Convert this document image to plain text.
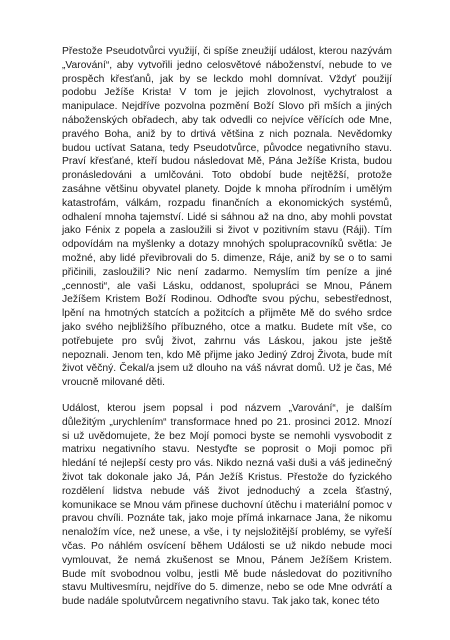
Přestože Pseudotvůrci využijí, či spíše zneužijí událost, kterou nazývám „Varování“, aby vytvořili jedno celosvětové náboženství, nebude to ve prospěch křesťanů, jak by se leckdo mohl domnívat. Vždyť použijí podobu Ježíše Krista! V tom je jejich zlovolnost, vychytralost a manipulace. Nejdříve pozvolna pozmění Boží Slovo při mších a jiných náboženských obřadech, aby tak odvedli co nejvíce věřících ode Mne, pravého Boha, aniž by to drtivá většina z nich poznala. Nevědomky budou uctívat Satana, tedy Pseudotvůrce, původce negativního stavu. Praví křesťané, kteří budou následovat Mě, Pána Ježíše Krista, budou pronásledováni a umlčováni. Toto období bude nejtěžší, protože zasáhne většinu obyvatel planety. Dojde k mnoha přírodním i umělým katastrofám, válkám, rozpadu finančních a ekonomických systémů, odhalení mnoha tajemství. Lidé si sáhnou až na dno, aby mohli povstat jako Fénix z popela a zasloužili si život v pozitivním stavu (Ráji). Tím odpovídám na myšlenky a dotazy mnohých spolupracovníků světla: Je možné, aby lidé převibrovali do 5. dimenze, Ráje, aniž by se o to sami přičinili, zasloužili? Nic není zadarmo. Nemyslím tím peníze a jiné „cennosti“, ale vaši Lásku, oddanost, spolupráci se Mnou, Pánem Ježíšem Kristem Boží Rodinou. Odhoďte svou pýchu, sebestřednost, lpění na hmotných statcích a požitcích a přijměte Mě do svého srdce jako svého nejbližšího příbuzného, otce a matku. Budete mít vše, co potřebujete pro svůj život, zahrnu vás Láskou, jakou jste ještě nepoznali. Jenom ten, kdo Mě přijme jako Jediný Zdroj Života, bude mít život věčný. Čekal/a jsem už dlouho na váš návrat domů. Už je čas, Mé vroucně milované děti.

Událost, kterou jsem popsal i pod názvem „Varování“, je dalším důležitým „urychlením“ transformace hned po 21. prosinci 2012. Mnozí si už uvědomujete, že bez Mojí pomoci byste se nemohli vysvobodit z matrixu negativního stavu. Nestyďte se poprosit o Moji pomoc při hledání té nejlepší cesty pro vás. Nikdo nezná vaši duši a váš jedinečný život tak dokonale jako Já, Pán Ježíš Kristus. Přestože do fyzického rozdělení lidstva nebude váš život jednoduchý a zcela šťastný, komunikace se Mnou vám přinese duchovní útěchu i materiální pomoc v pravou chvíli. Poznáte tak, jako moje přímá inkarnace Jana, že nikomu nenaložím více, než unese, a vše, i ty nejsložitější problémy, se vyřeší včas. Po náhlém osvícení během Události se už nikdo nebude moci vymlouvat, že nemá zkušenost se Mnou, Pánem Ježíšem Kristem. Bude mít svobodnou volbu, jestli Mě bude následovat do pozitivního stavu Multivesmíru, nejdříve do 5. dimenze, nebo se ode Mne odvrátí a bude nadále spolutvůrcem negativního stavu. Tak jako tak, konec této
